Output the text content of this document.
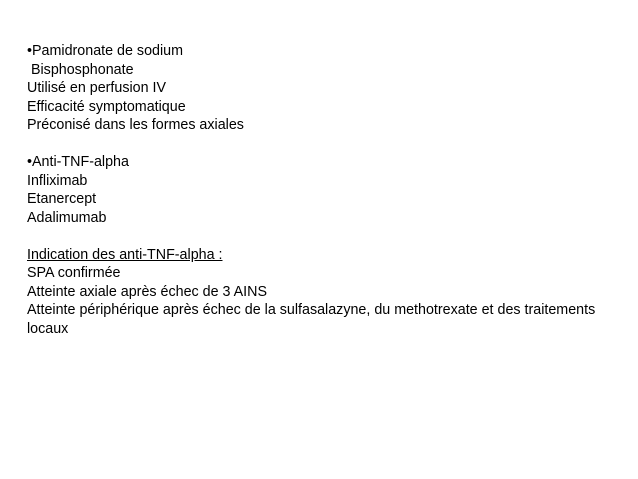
•Pamidronate de sodium
Bisphosphonate
Utilisé en perfusion IV
Efficacité symptomatique
Préconisé dans les formes axiales
•Anti-TNF-alpha
Infliximab
Etanercept
Adalimumab
Indication des anti-TNF-alpha :
SPA confirmée
Atteinte axiale après échec de 3 AINS
Atteinte périphérique après échec de la sulfasalazyne, du methotrexate et des traitements locaux
